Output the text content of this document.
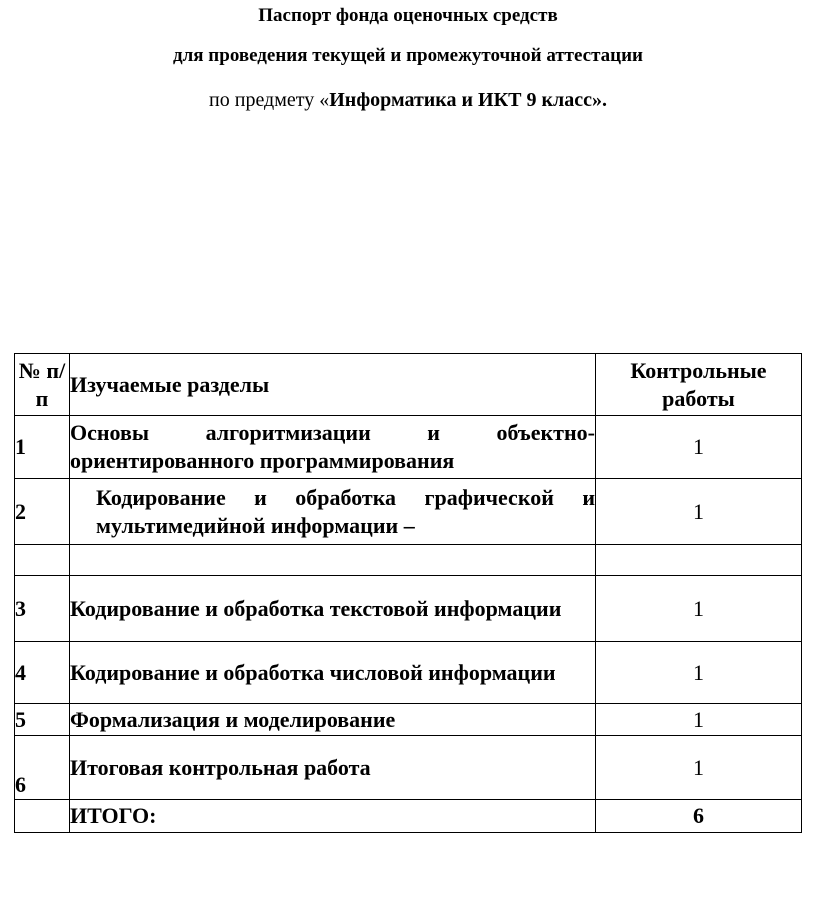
Паспорт фонда оценочных средств
для проведения текущей и промежуточной аттестации
по предмету «Информатика и ИКТ 9 класс».
№ п/п	Изучаемые разделы	Контрольные работы
1	Основы алгоритмизации и объектно-ориентированного программирования	1
2	Кодирование и обработка графической и мультимедийной информации –	1

3	Кодирование и обработка текстовой информации	1
4	Кодирование и обработка числовой информации	1
5	Формализация и моделирование	1
6	Итоговая контрольная работа	1
	ИТОГО:	6
